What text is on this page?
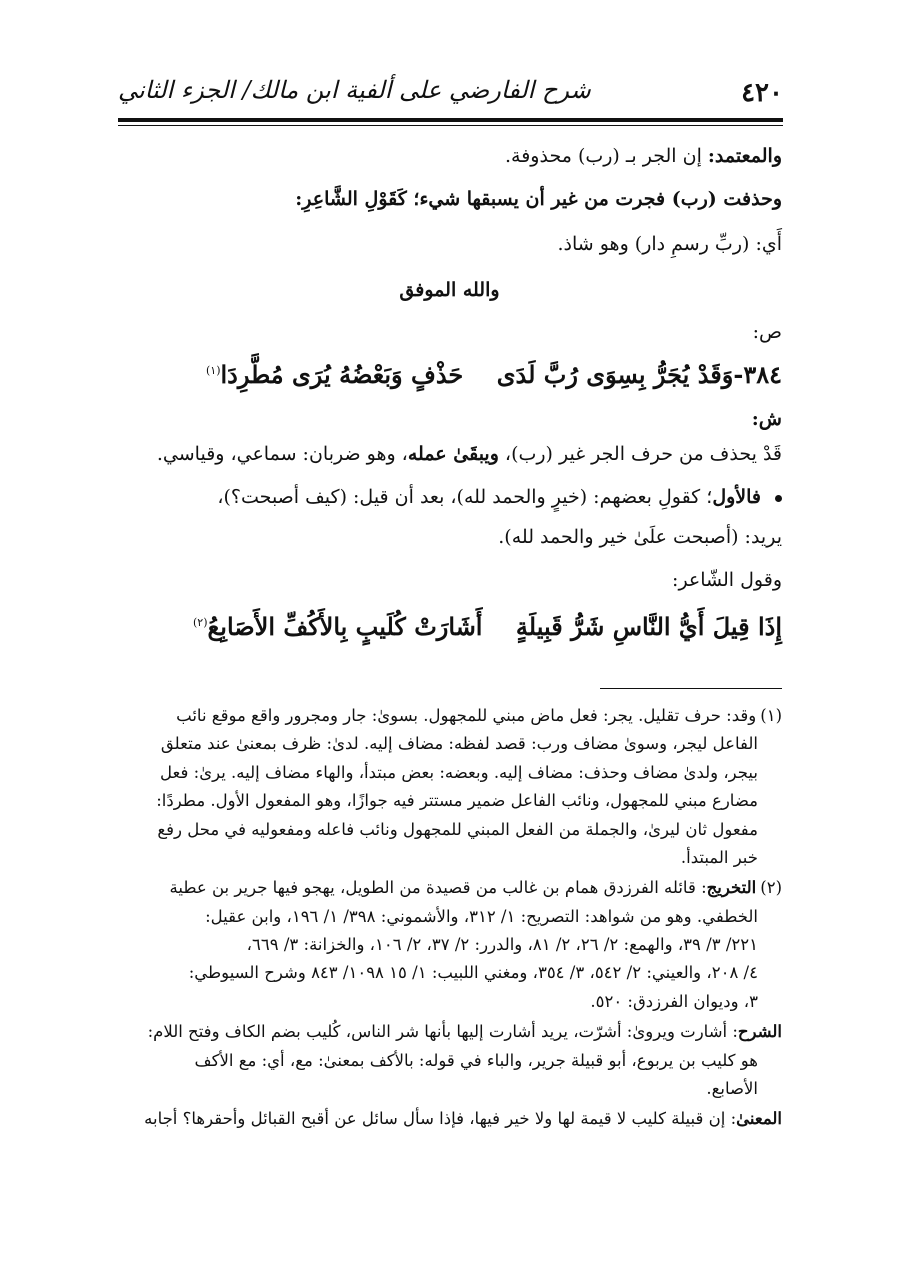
٤٢٠
شرح الفارضي على ألفية ابن مالك/ الجزء الثاني
والمعتمد: إن الجر بـ (رب) محذوفة.
وحذفت (رب) فجرت من غير أن يسبقها شيء؛ كَقَوْلِ الشَّاعِرِ:
أَي: (ربِّ رسمِ دار) وهو شاذ.
والله الموفق
ص:
٣٨٤-وَقَدْ يُجَرُّ بِسِوَى رُبَّ لَدَى    حَذْفٍ وَبَعْضُهُ يُرَى مُطَّرِدَا$^{(١)}$
ش:
قَدْ يحذف من حرف الجر غير (رب)، ويبقَىٰ عمله، وهو ضربان: سماعي، وقياسي.
فالأول؛ كقولِ بعضهم: (خيرٍ والحمد لله)، بعد أن قيل: (كيف أصبحت؟)،
يريد: (أصبحت علَىٰ خير والحمد لله).
وقول الشّاعر:
إِذَا قِيلَ أَيُّ النَّاسِ شَرُّ قَبِيلَةٍ    أَشَارَتْ كُلَيبٍ بِالأَكُفِّ الأَصَابِعُ$^{(٢)}$
(١)وقد: حرف تقليل. يجر: فعل ماض مبني للمجهول. بسوىٰ: جار ومجرور واقع موقع نائب
الفاعل ليجر، وسوىٰ مضاف ورب: قصد لفظه: مضاف إليه. لدىٰ: ظرف بمعنىٰ عند متعلق
بيجر، ولدىٰ مضاف وحذف: مضاف إليه. وبعضه: بعض مبتدأ، والهاء مضاف إليه. يرىٰ: فعل
مضارع مبني للمجهول، ونائب الفاعل ضمير مستتر فيه جوازًا، وهو المفعول الأول. مطردًا:
مفعول ثان ليرىٰ، والجملة من الفعل المبني للمجهول ونائب فاعله ومفعوليه في محل رفع
خبر المبتدأ.
(٢)التخريج: قائله الفرزدق همام بن غالب من قصيدة من الطويل، يهجو فيها جرير بن عطية
الخطفي. وهو من شواهد: التصريح: ١/ ٣١٢، والأشموني: ٣٩٨/ ١/ ١٩٦، وابن عقيل:
٢٢١/ ٣/ ٣٩، والهمع: ٢/ ٢٦، ٢/ ٨١، والدرر: ٢/ ٣٧، ٢/ ١٠٦، والخزانة: ٣/ ٦٦٩،
٤/ ٢٠٨، والعيني: ٢/ ٥٤٢، ٣/ ٣٥٤، ومغني اللبيب: ١/ ١٥ ١٠٩٨/ ٨٤٣ وشرح السيوطي:
٣، وديوان الفرزدق: ٥٢٠.
الشرح: أشارت ويروىٰ: أشرّت، يريد أشارت إليها بأنها شر الناس، كُليب بضم الكاف وفتح اللام:
هو كليب بن يربوع، أبو قبيلة جرير، والباء في قوله: بالأكف بمعنىٰ: مع، أي: مع الأكف
الأصابع.
المعنىٰ: إن قبيلة كليب لا قيمة لها ولا خير فيها، فإذا سأل سائل عن أقبح القبائل وأحقرها؟ أجابه
